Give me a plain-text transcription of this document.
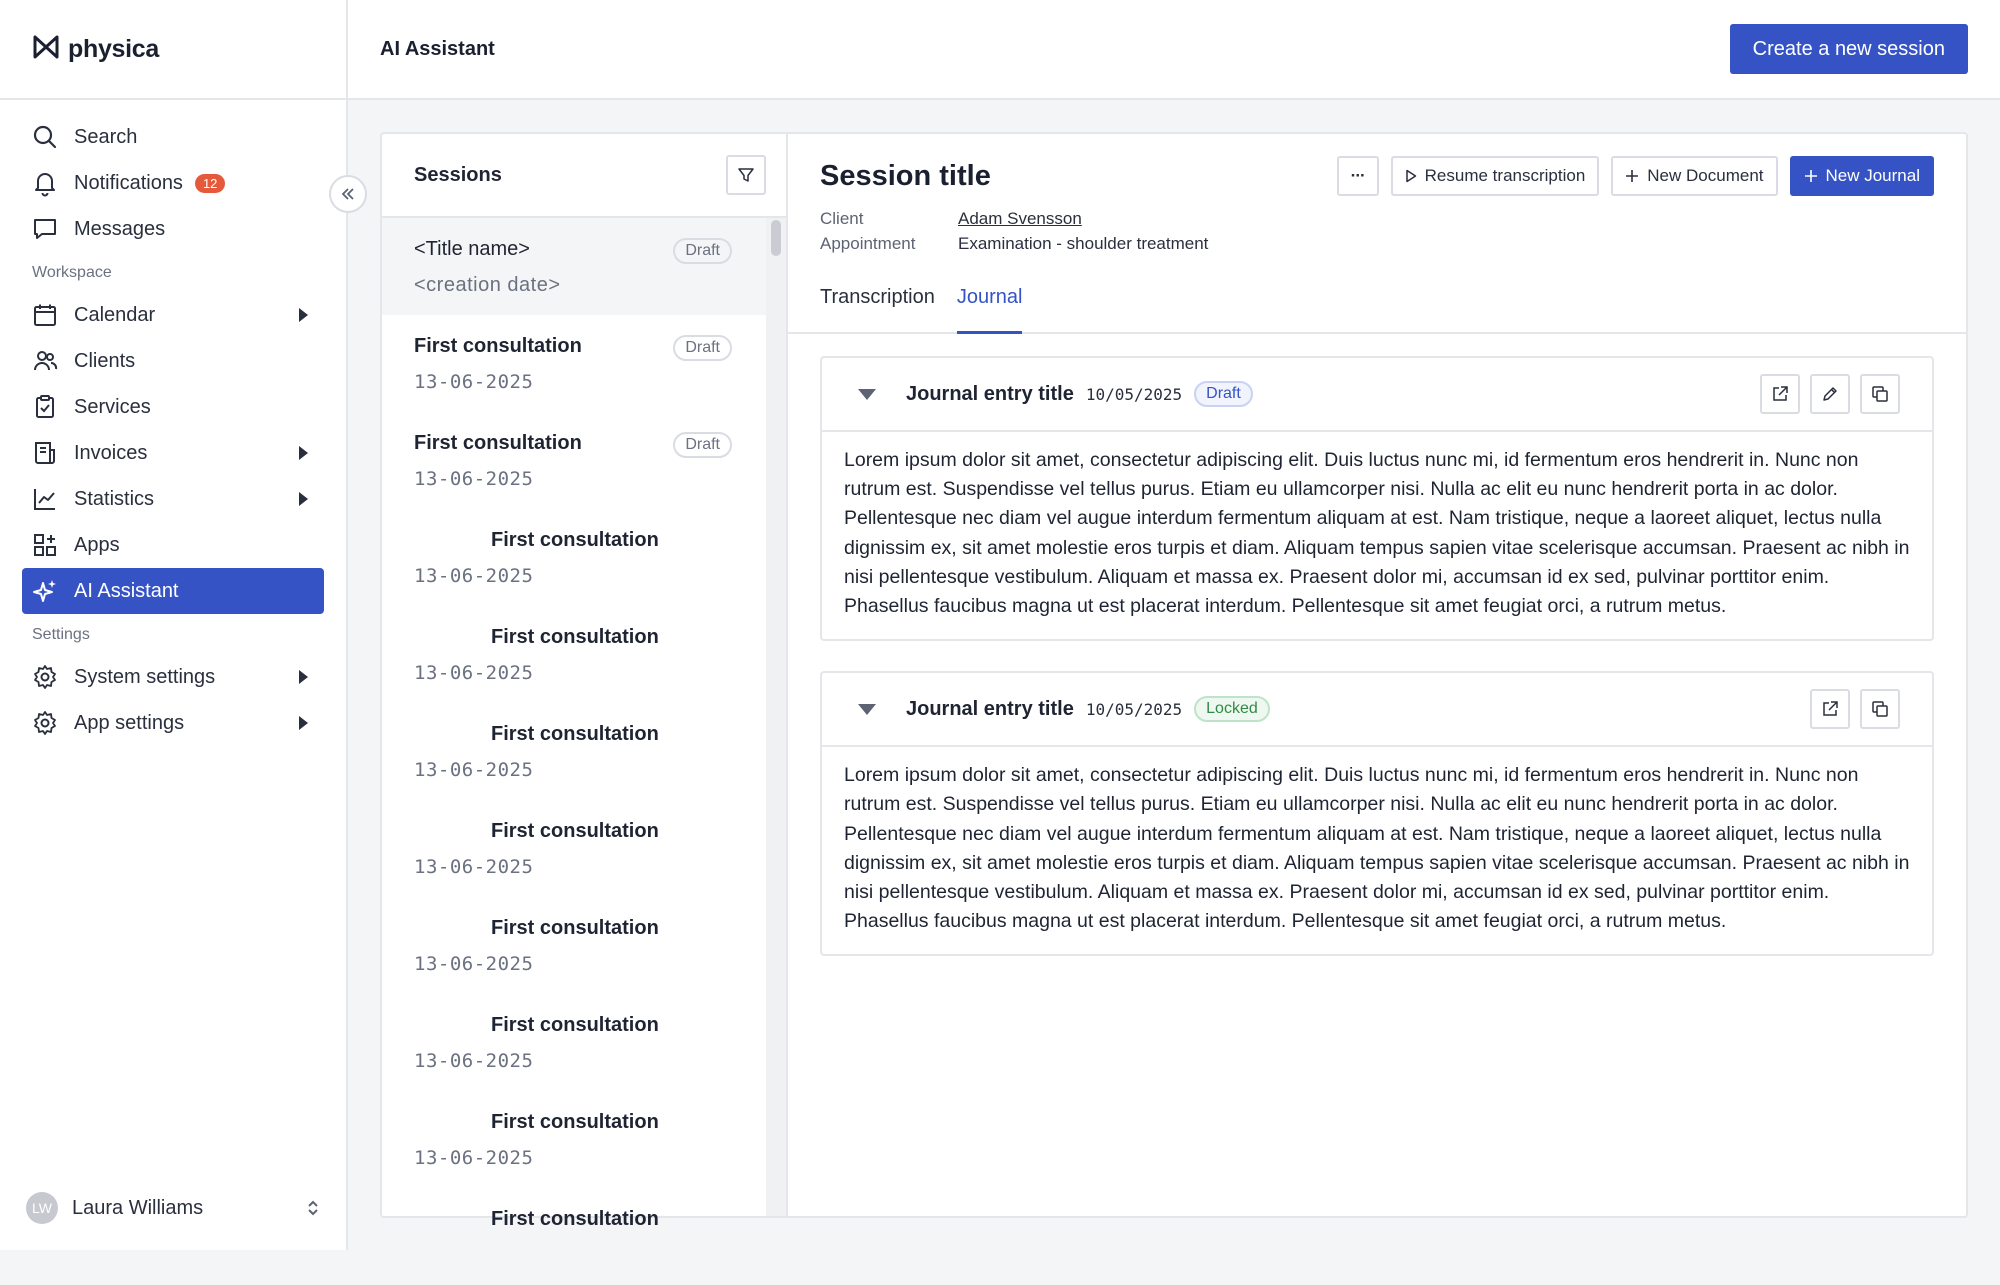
physica
Search
Notifications	12
Messages
Workspace
Calendar
Clients
Services
Invoices
Statistics
Apps
AI Assistant
Settings
System settings
App settings
LW	Laura Williams
AI Assistant	Create a new session
Sessions
<Title name>
<creation date>
Draft
First consultation
13-06-2025
Draft
First consultation
13-06-2025
Draft
First consultation
13-06-2025
First consultation
13-06-2025
First consultation
13-06-2025
First consultation
13-06-2025
First consultation
13-06-2025
First consultation
13-06-2025
First consultation
13-06-2025
First consultation
Session title
Client	Adam Svensson
Appointment	Examination - shoulder treatment
···	Resume transcription	New Document	New Journal
Transcription Journal
Journal entry title 10/05/2025	Draft
Lorem ipsum dolor sit amet, consectetur adipiscing elit. Duis luctus nunc mi, id fermentum eros hendrerit in. Nunc non rutrum est. Suspendisse vel tellus purus. Etiam eu ullamcorper nisi. Nulla ac elit eu nunc hendrerit porta in ac dolor. Pellentesque nec diam vel augue interdum fermentum aliquam at est. Nam tristique, neque a laoreet aliquet, lectus nulla dignissim ex, sit amet molestie eros turpis et diam. Aliquam tempus sapien vitae scelerisque accumsan. Praesent ac nibh in nisi pellentesque vestibulum. Aliquam et massa ex. Praesent dolor mi, accumsan id ex sed, pulvinar porttitor enim. Phasellus faucibus magna ut est placerat interdum. Pellentesque sit amet feugiat orci, a rutrum metus.
Journal entry title 10/05/2025	Locked
Lorem ipsum dolor sit amet, consectetur adipiscing elit. Duis luctus nunc mi, id fermentum eros hendrerit in. Nunc non rutrum est. Suspendisse vel tellus purus. Etiam eu ullamcorper nisi. Nulla ac elit eu nunc hendrerit porta in ac dolor. Pellentesque nec diam vel augue interdum fermentum aliquam at est. Nam tristique, neque a laoreet aliquet, lectus nulla dignissim ex, sit amet molestie eros turpis et diam. Aliquam tempus sapien vitae scelerisque accumsan. Praesent ac nibh in nisi pellentesque vestibulum. Aliquam et massa ex. Praesent dolor mi, accumsan id ex sed, pulvinar porttitor enim. Phasellus faucibus magna ut est placerat interdum. Pellentesque sit amet feugiat orci, a rutrum metus.
